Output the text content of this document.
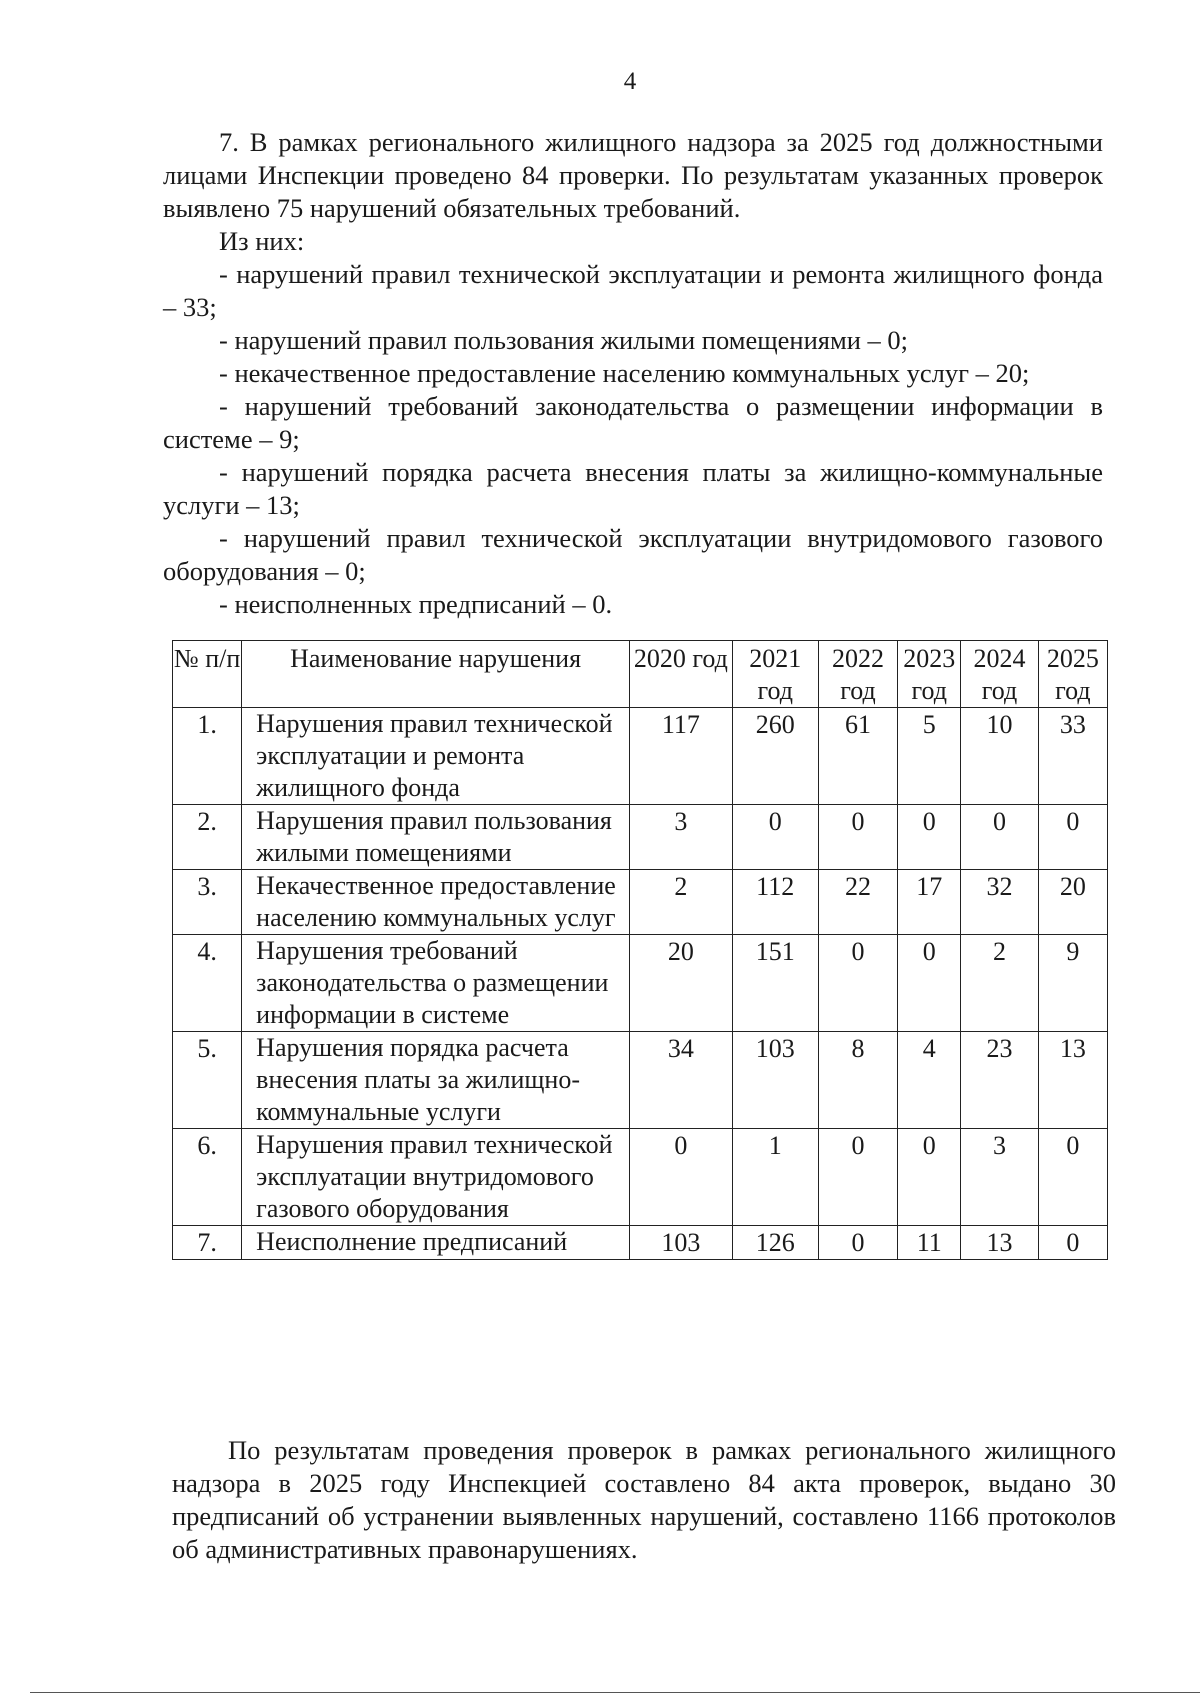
4

7. В рамках регионального жилищного надзора за 2025 год должностными лицами Инспекции проведено 84 проверки. По результатам указанных проверок выявлено 75 нарушений обязательных требований.

Из них:

- нарушений правил технической эксплуатации и ремонта жилищного фонда – 33;

- нарушений правил пользования жилыми помещениями – 0;

- некачественное предоставление населению коммунальных услуг – 20;

- нарушений требований законодательства о размещении информации в системе – 9;

- нарушений порядка расчета внесения платы за жилищно-коммунальные услуги – 13;

- нарушений правил технической эксплуатации внутридомового газового оборудования – 0;

- неисполненных предписаний – 0.

№ п/п	Наименование нарушения	2020 год	2021 год	2022 год	2023 год	2024 год	2025 год
1.	Нарушения правил технической эксплуатации и ремонта жилищного фонда	117	260	61	5	10	33
2.	Нарушения правил пользования жилыми помещениями	3	0	0	0	0	0
3.	Некачественное предоставление населению коммунальных услуг	2	112	22	17	32	20
4.	Нарушения требований законодательства о размещении информации в системе	20	151	0	0	2	9
5.	Нарушения порядка расчета внесения платы за жилищно-коммунальные услуги	34	103	8	4	23	13
6.	Нарушения правил технической эксплуатации внутридомового газового оборудования	0	1	0	0	3	0
7.	Неисполнение предписаний	103	126	0	11	13	0

По результатам проведения проверок в рамках регионального жилищного надзора в 2025 году Инспекцией составлено 84 акта проверок, выдано 30 предписаний об устранении выявленных нарушений, составлено 1166 протоколов об административных правонарушениях.
